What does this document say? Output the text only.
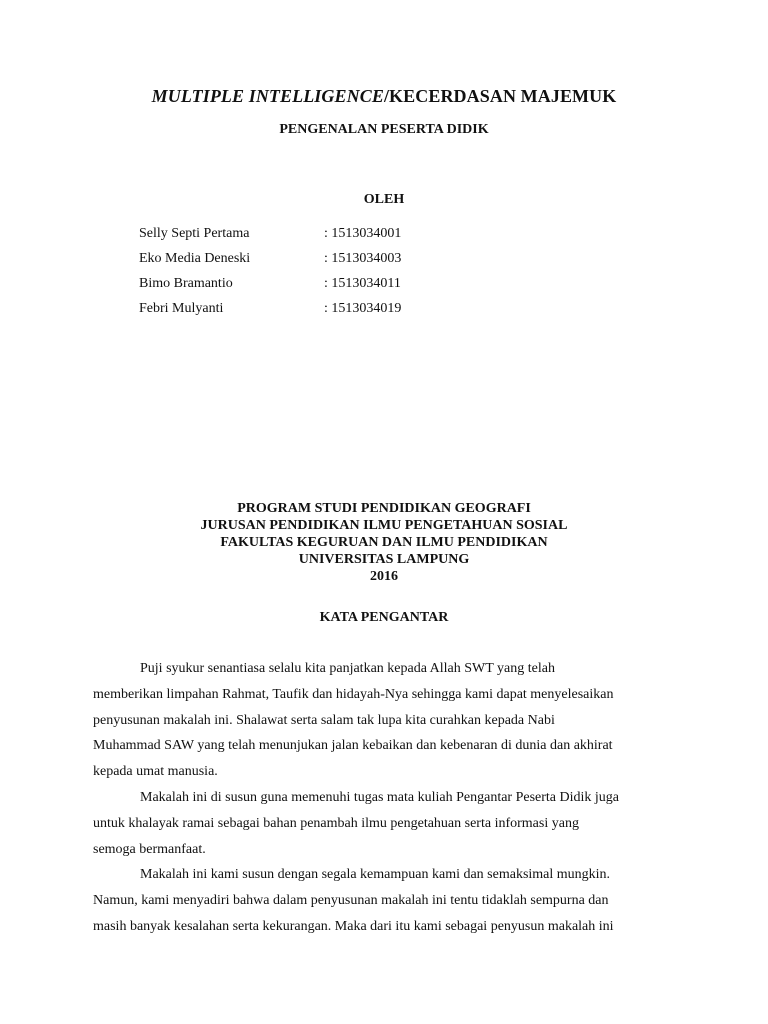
MULTIPLE INTELLIGENCE/KECERDASAN MAJEMUK
PENGENALAN PESERTA DIDIK
OLEH
Selly Septi Pertama	: 1513034001
Eko Media Deneski	: 1513034003
Bimo Bramantio	: 1513034011
Febri Mulyanti	: 1513034019
PROGRAM STUDI PENDIDIKAN GEOGRAFI
JURUSAN PENDIDIKAN ILMU PENGETAHUAN SOSIAL
FAKULTAS KEGURUAN DAN ILMU PENDIDIKAN
UNIVERSITAS LAMPUNG
2016
KATA PENGANTAR
Puji syukur senantiasa selalu kita panjatkan kepada Allah SWT yang telah
memberikan limpahan Rahmat, Taufik dan hidayah-Nya sehingga kami dapat menyelesaikan
penyusunan makalah ini. Shalawat serta salam tak lupa kita curahkan kepada Nabi
Muhammad SAW yang telah menunjukan jalan kebaikan dan kebenaran di dunia dan akhirat
kepada umat manusia.
Makalah ini di susun guna memenuhi tugas mata kuliah Pengantar Peserta Didik juga
untuk khalayak ramai sebagai bahan penambah ilmu pengetahuan serta informasi yang
semoga bermanfaat.
Makalah ini kami susun dengan segala kemampuan kami dan semaksimal mungkin.
Namun, kami menyadiri bahwa dalam penyusunan makalah ini tentu tidaklah sempurna dan
masih banyak kesalahan serta kekurangan. Maka dari itu kami sebagai penyusun makalah ini
